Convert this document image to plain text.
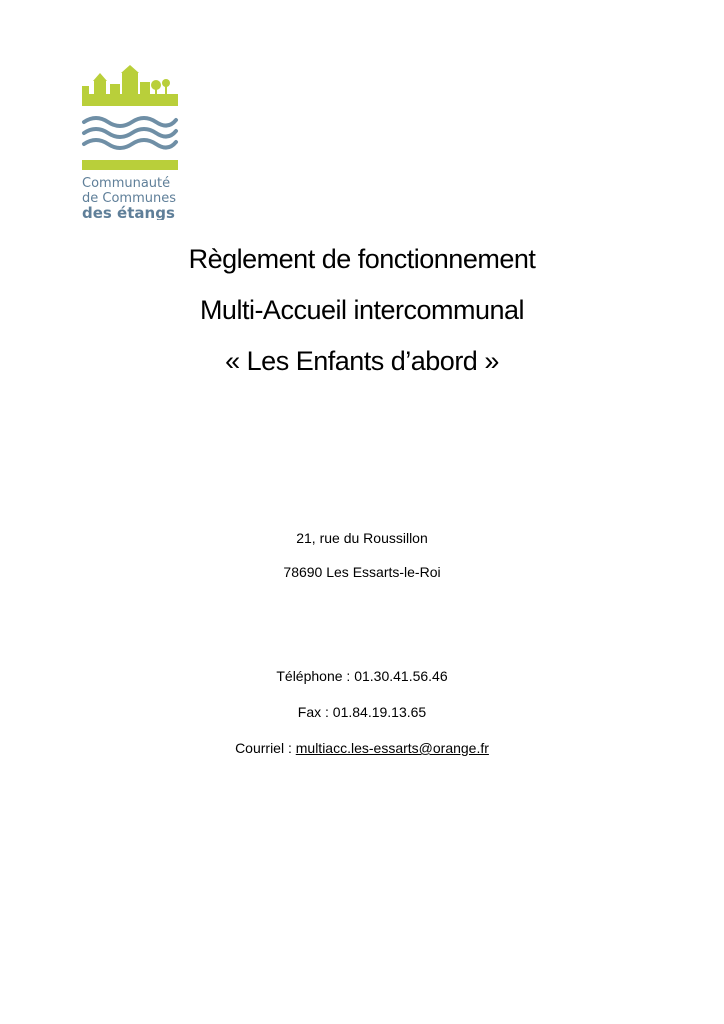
Communauté
de Communes
des étangs
Règlement de fonctionnement
Multi-Accueil intercommunal
« Les Enfants d’abord »
21, rue du Roussillon
78690 Les Essarts-le-Roi
Téléphone : 01.30.41.56.46
Fax : 01.84.19.13.65
Courriel : multiacc.les-essarts@orange.fr
